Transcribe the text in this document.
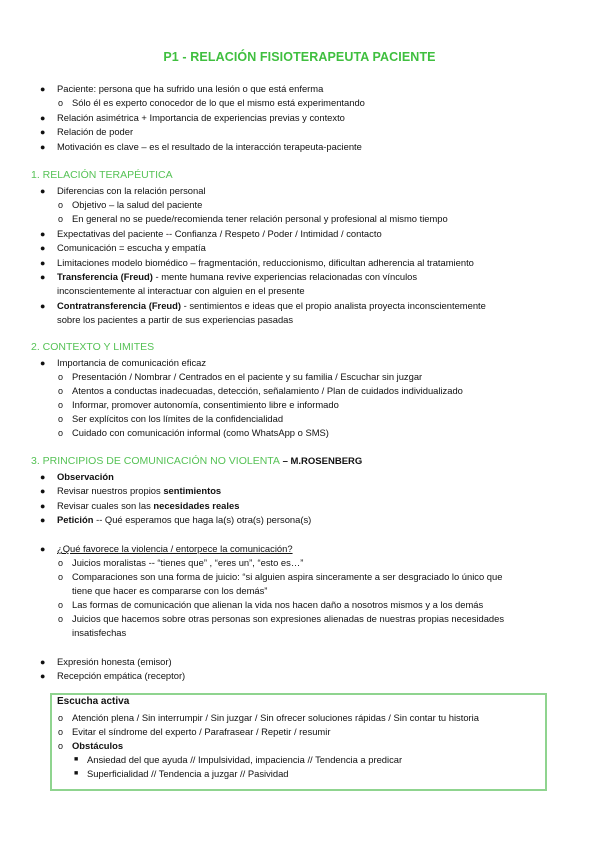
P1 - RELACIÓN FISIOTERAPEUTA PACIENTE
● Paciente: persona que ha sufrido una lesión o que está enferma
o Sólo él es experto conocedor de lo que el mismo está experimentando
● Relación asimétrica + Importancia de experiencias previas y contexto
● Relación de poder
● Motivación es clave – es el resultado de la interacción terapeuta-paciente
1. RELACIÓN TERAPÉUTICA
● Diferencias con la relación personal
o Objetivo – la salud del paciente
o En general no se puede/recomienda tener relación personal y profesional al mismo tiempo
● Expectativas del paciente -- Confianza / Respeto / Poder / Intimidad / contacto
● Comunicación = escucha y empatía
● Limitaciones modelo biomédico – fragmentación, reduccionismo, dificultan adherencia al tratamiento
● Transferencia (Freud) - mente humana revive experiencias relacionadas con vínculos
inconscientemente al interactuar con alguien en el presente
● Contratransferencia (Freud) - sentimientos e ideas que el propio analista proyecta inconscientemente
sobre los pacientes a partir de sus experiencias pasadas
2. CONTEXTO Y LIMITES
● Importancia de comunicación eficaz
o Presentación / Nombrar / Centrados en el paciente y su familia / Escuchar sin juzgar
o Atentos a conductas inadecuadas, detección, señalamiento / Plan de cuidados individualizado
o Informar, promover autonomía, consentimiento libre e informado
o Ser explícitos con los límites de la confidencialidad
o Cuidado con comunicación informal (como WhatsApp o SMS)
3. PRINCIPIOS DE COMUNICACIÓN NO VIOLENTA – M.ROSENBERG
● Observación
● Revisar nuestros propios sentimientos
● Revisar cuales son las necesidades reales
● Petición -- Qué esperamos que haga la(s) otra(s) persona(s)
● ¿Qué favorece la violencia / entorpece la comunicación?
o Juicios moralistas -- “tienes que” , “eres un”, “esto es…”
o Comparaciones son una forma de juicio: “si alguien aspira sinceramente a ser desgraciado lo único que
tiene que hacer es compararse con los demás”
o Las formas de comunicación que alienan la vida nos hacen daño a nosotros mismos y a los demás
o Juicios que hacemos sobre otras personas son expresiones alienadas de nuestras propias necesidades
insatisfechas
● Expresión honesta (emisor)
● Recepción empática (receptor)
Escucha activa
o Atención plena / Sin interrumpir / Sin juzgar / Sin ofrecer soluciones rápidas / Sin contar tu historia
o Evitar el síndrome del experto / Parafrasear / Repetir / resumir
o Obstáculos
■ Ansiedad del que ayuda // Impulsividad, impaciencia // Tendencia a predicar
■ Superficialidad // Tendencia a juzgar // Pasividad
